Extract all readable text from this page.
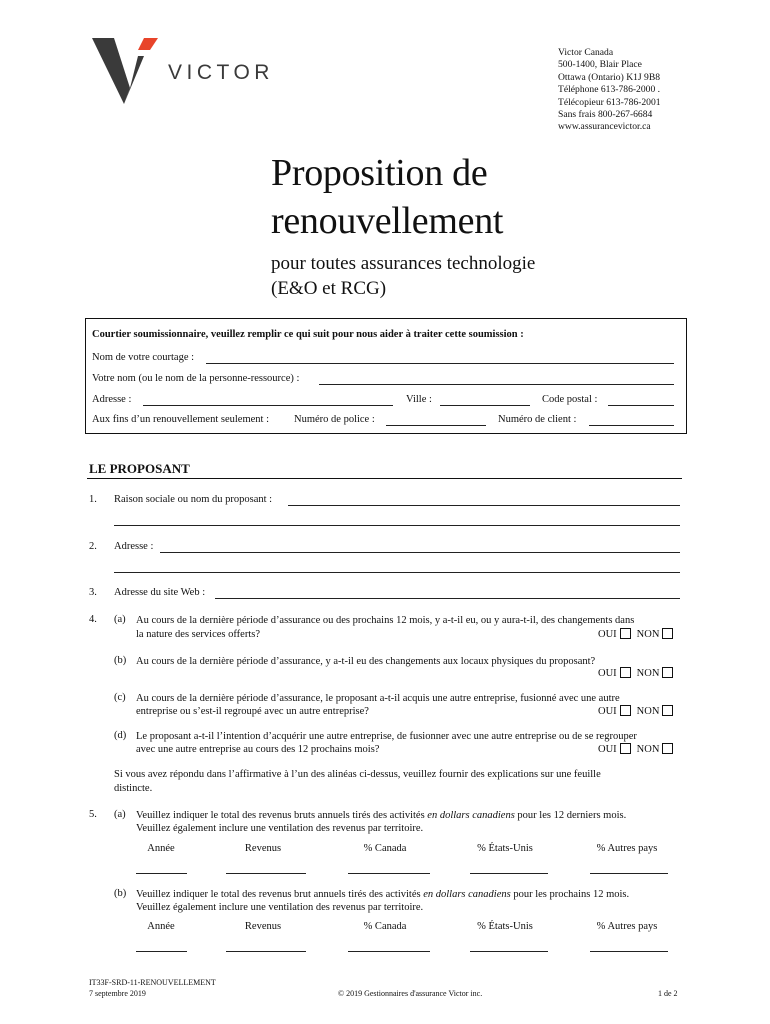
VICTOR
Victor Canada
500-1400, Blair Place
Ottawa (Ontario) K1J 9B8
Téléphone 613-786-2000 .
Télécopieur 613-786-2001
Sans frais 800-267-6684
www.assurancevictor.ca
Proposition de
renouvellement
pour toutes assurances technologie
(E&O et RCG)
Courtier soumissionnaire, veuillez remplir ce qui suit pour nous aider à traiter cette soumission :
Nom de votre courtage :
Votre nom (ou le nom de la personne-ressource) :
Adresse :	Ville :	Code postal :
Aux fins d’un renouvellement seulement : Numéro de police :	Numéro de client :
LE PROPOSANT
1. Raison sociale ou nom du proposant :
2. Adresse :
3. Adresse du site Web :
4. (a) Au cours de la dernière période d’assurance ou des prochains 12 mois, y a-t-il eu, ou y aura-t-il, des changements dans
la nature des services offerts?	OUI NON
(b) Au cours de la dernière période d’assurance, y a-t-il eu des changements aux locaux physiques du proposant?
OUI NON
(c) Au cours de la dernière période d’assurance, le proposant a-t-il acquis une autre entreprise, fusionné avec une autre
entreprise ou s’est-il regroupé avec un autre entreprise?	OUI NON
(d) Le proposant a-t-il l’intention d’acquérir une autre entreprise, de fusionner avec une autre entreprise ou de se regrouper
avec une autre entreprise au cours des 12 prochains mois?	OUI NON
Si vous avez répondu dans l’affirmative à l’un des alinéas ci-dessus, veuillez fournir des explications sur une feuille
distincte.
5. (a) Veuillez indiquer le total des revenus bruts annuels tirés des activités en dollars canadiens pour les 12 derniers mois.
Veuillez également inclure une ventilation des revenus par territoire.
Année	Revenus	% Canada	% États-Unis	% Autres pays
(b) Veuillez indiquer le total des revenus brut annuels tirés des activités en dollars canadiens pour les prochains 12 mois.
Veuillez également inclure une ventilation des revenus par territoire.
Année	Revenus	% Canada	% États-Unis	% Autres pays
IT33F-SRD-11-RENOUVELLEMENT
7 septembre 2019	© 2019 Gestionnaires d'assurance Victor inc.	1 de 2
